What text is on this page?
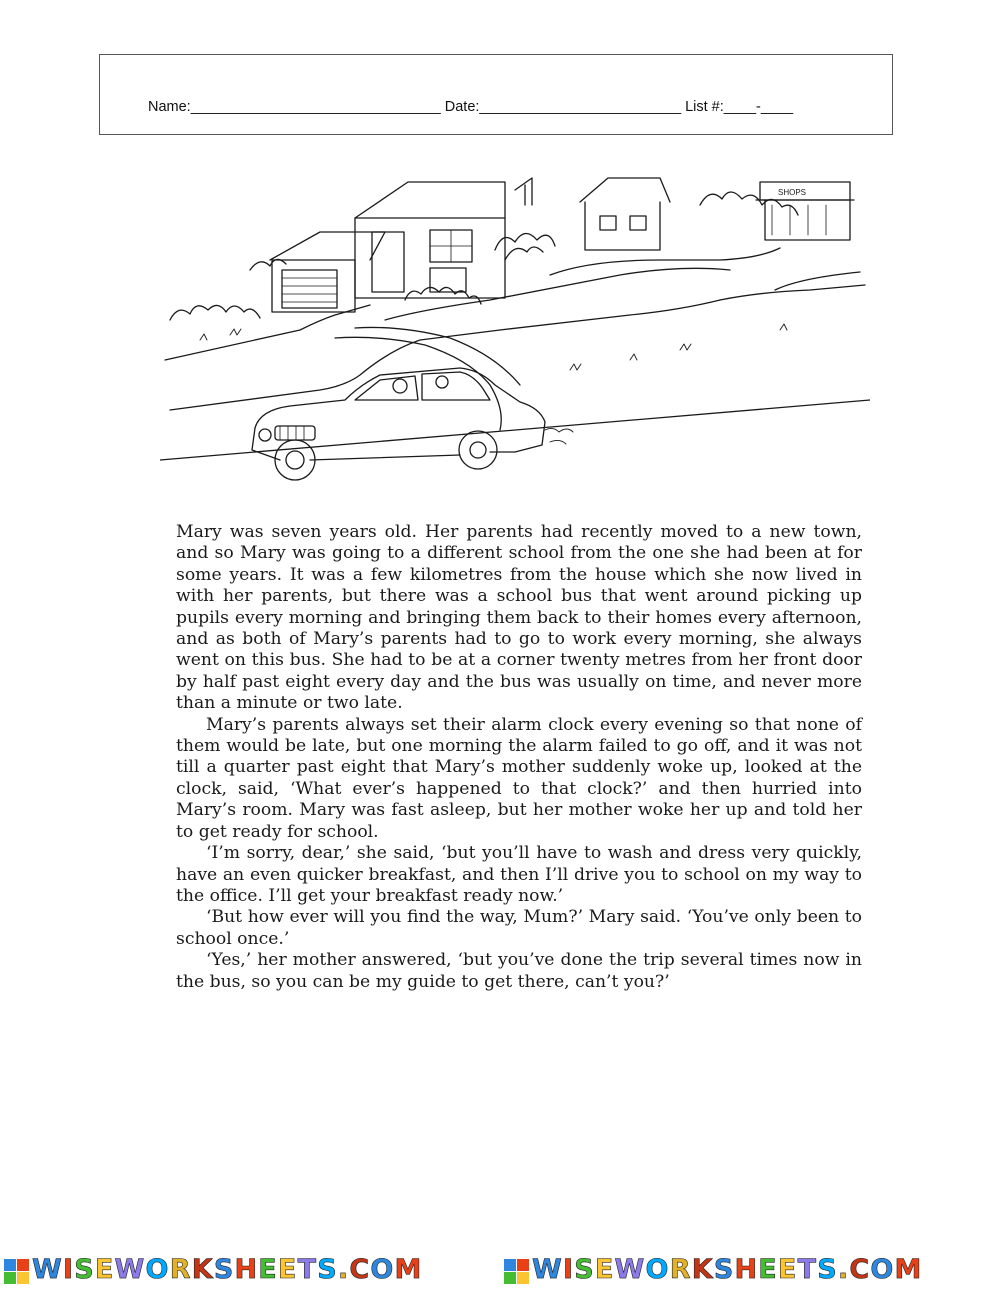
Name:_______________________________ Date:_________________________ List #:____-____
SHOPS

Mary was seven years old. Her parents had recently moved to a new town, and so Mary was going to a different school from the one she had been at for some years. It was a few kilometres from the house which she now lived in with her parents, but there was a school bus that went around picking up pupils every morning and bringing them back to their homes every afternoon, and as both of Mary’s parents had to go to work every morning, she always went on this bus. She had to be at a corner twenty metres from her front door by half past eight every day and the bus was usually on time, and never more than a minute or two late.

Mary’s parents always set their alarm clock every evening so that none of them would be late, but one morning the alarm failed to go off, and it was not till a quarter past eight that Mary’s mother suddenly woke up, looked at the clock, said, ‘What ever’s happened to that clock?’ and then hurried into Mary’s room. Mary was fast asleep, but her mother woke her up and told her to get ready for school.

‘I’m sorry, dear,’ she said, ‘but you’ll have to wash and dress very quickly, have an even quicker breakfast, and then I’ll drive you to school on my way to the office. I’ll get your breakfast ready now.’

‘But how ever will you find the way, Mum?’ Mary said. ‘You’ve only been to school once.’

‘Yes,’ her mother answered, ‘but you’ve done the trip several times now in the bus, so you can be my guide to get there, can’t you?’

WISEWORKSHEETS.COM	WISEWORKSHEETS.COM
